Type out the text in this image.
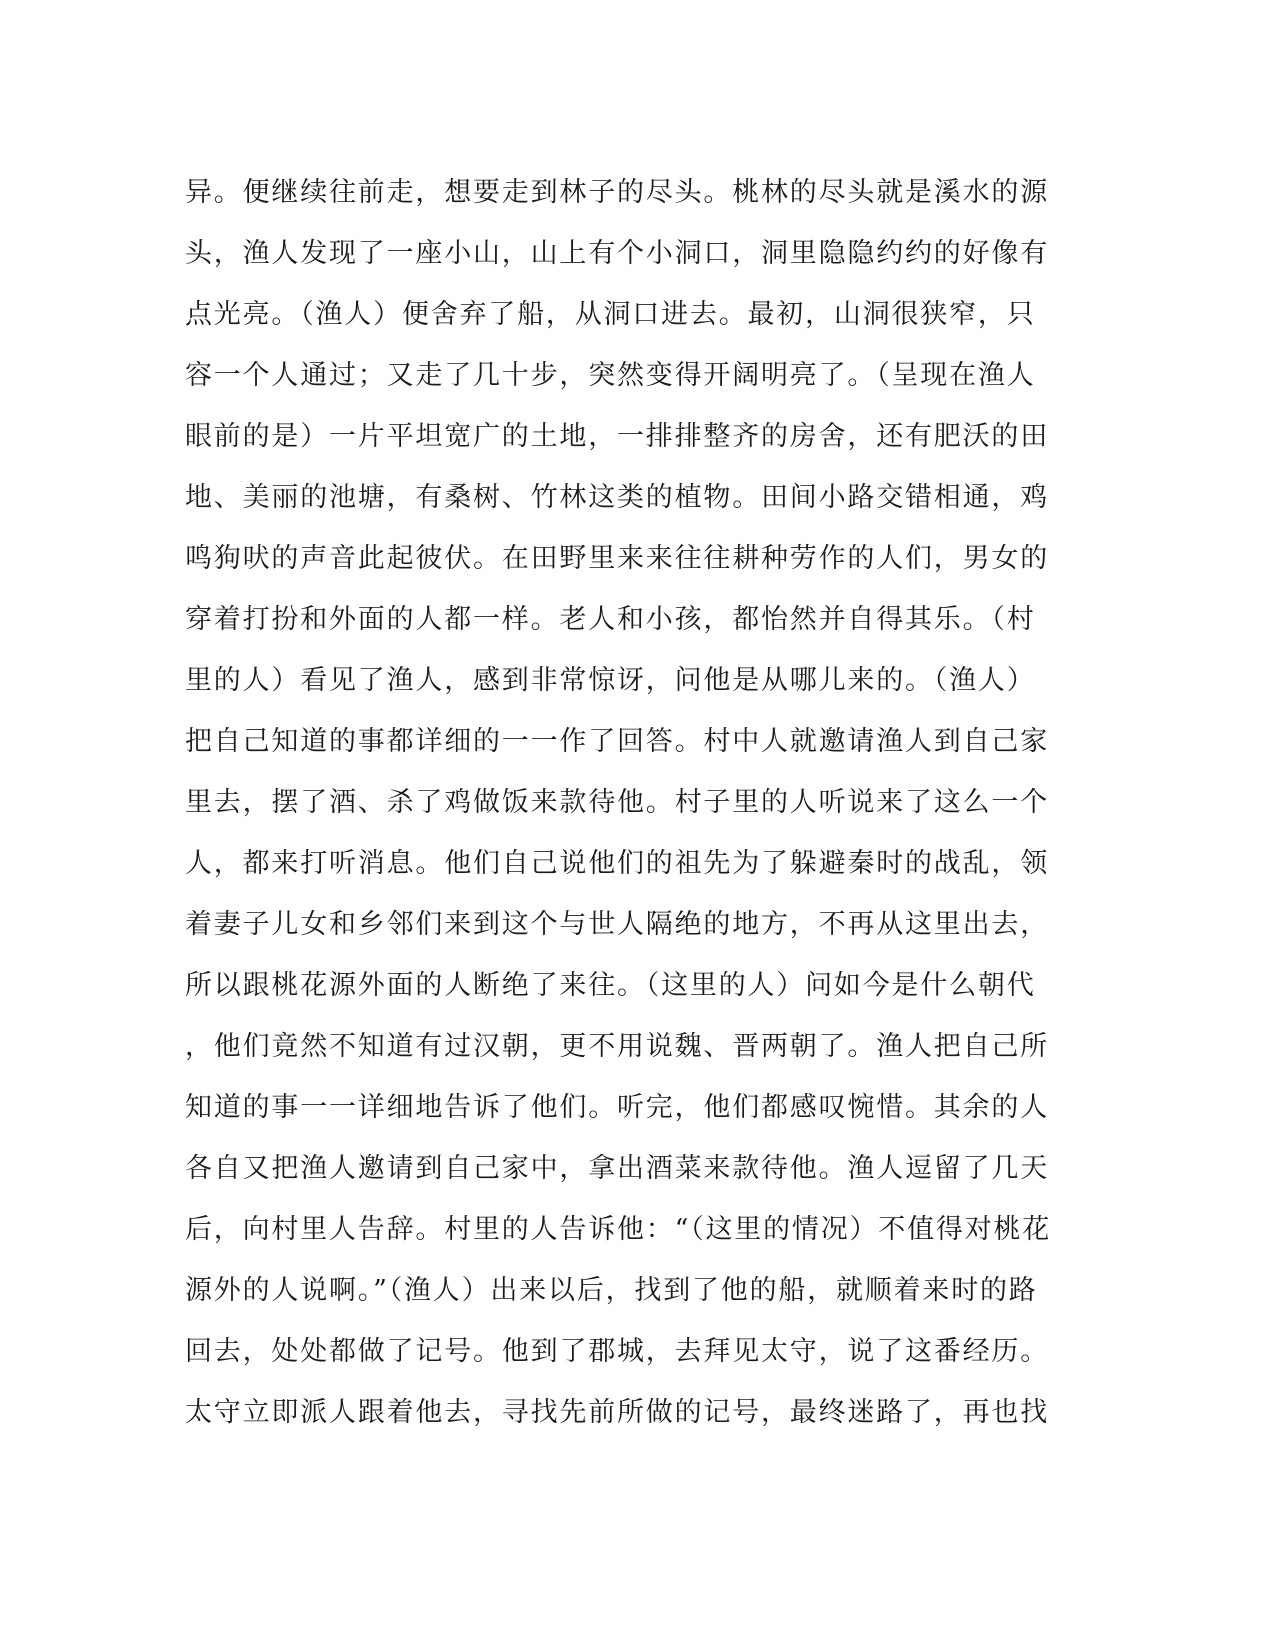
异。便继续往前走，想要走到林子的尽头。桃林的尽头就是溪水的源
头，渔人发现了一座小山，山上有个小洞口，洞里隐隐约约的好像有
点光亮。（渔人）便舍弃了船，从洞口进去。最初，山洞很狭窄，只
容一个人通过；又走了几十步，突然变得开阔明亮了。（呈现在渔人
眼前的是）一片平坦宽广的土地，一排排整齐的房舍，还有肥沃的田
地、美丽的池塘，有桑树、竹林这类的植物。田间小路交错相通，鸡
鸣狗吠的声音此起彼伏。在田野里来来往往耕种劳作的人们，男女的
穿着打扮和外面的人都一样。老人和小孩，都怡然并自得其乐。（村
里的人）看见了渔人，感到非常惊讶，问他是从哪儿来的。（渔人）
把自己知道的事都详细的一一作了回答。村中人就邀请渔人到自己家
里去，摆了酒、杀了鸡做饭来款待他。村子里的人听说来了这么一个
人，都来打听消息。他们自己说他们的祖先为了躲避秦时的战乱，领
着妻子儿女和乡邻们来到这个与世人隔绝的地方，不再从这里出去，
所以跟桃花源外面的人断绝了来往。（这里的人）问如今是什么朝代
，他们竟然不知道有过汉朝，更不用说魏、晋两朝了。渔人把自己所
知道的事一一详细地告诉了他们。听完，他们都感叹惋惜。其余的人
各自又把渔人邀请到自己家中，拿出酒菜来款待他。渔人逗留了几天
后，向村里人告辞。村里的人告诉他：“（这里的情况）不值得对桃花
源外的人说啊。”（渔人）出来以后，找到了他的船，就顺着来时的路
回去，处处都做了记号。他到了郡城，去拜见太守，说了这番经历。
太守立即派人跟着他去，寻找先前所做的记号，最终迷路了，再也找
